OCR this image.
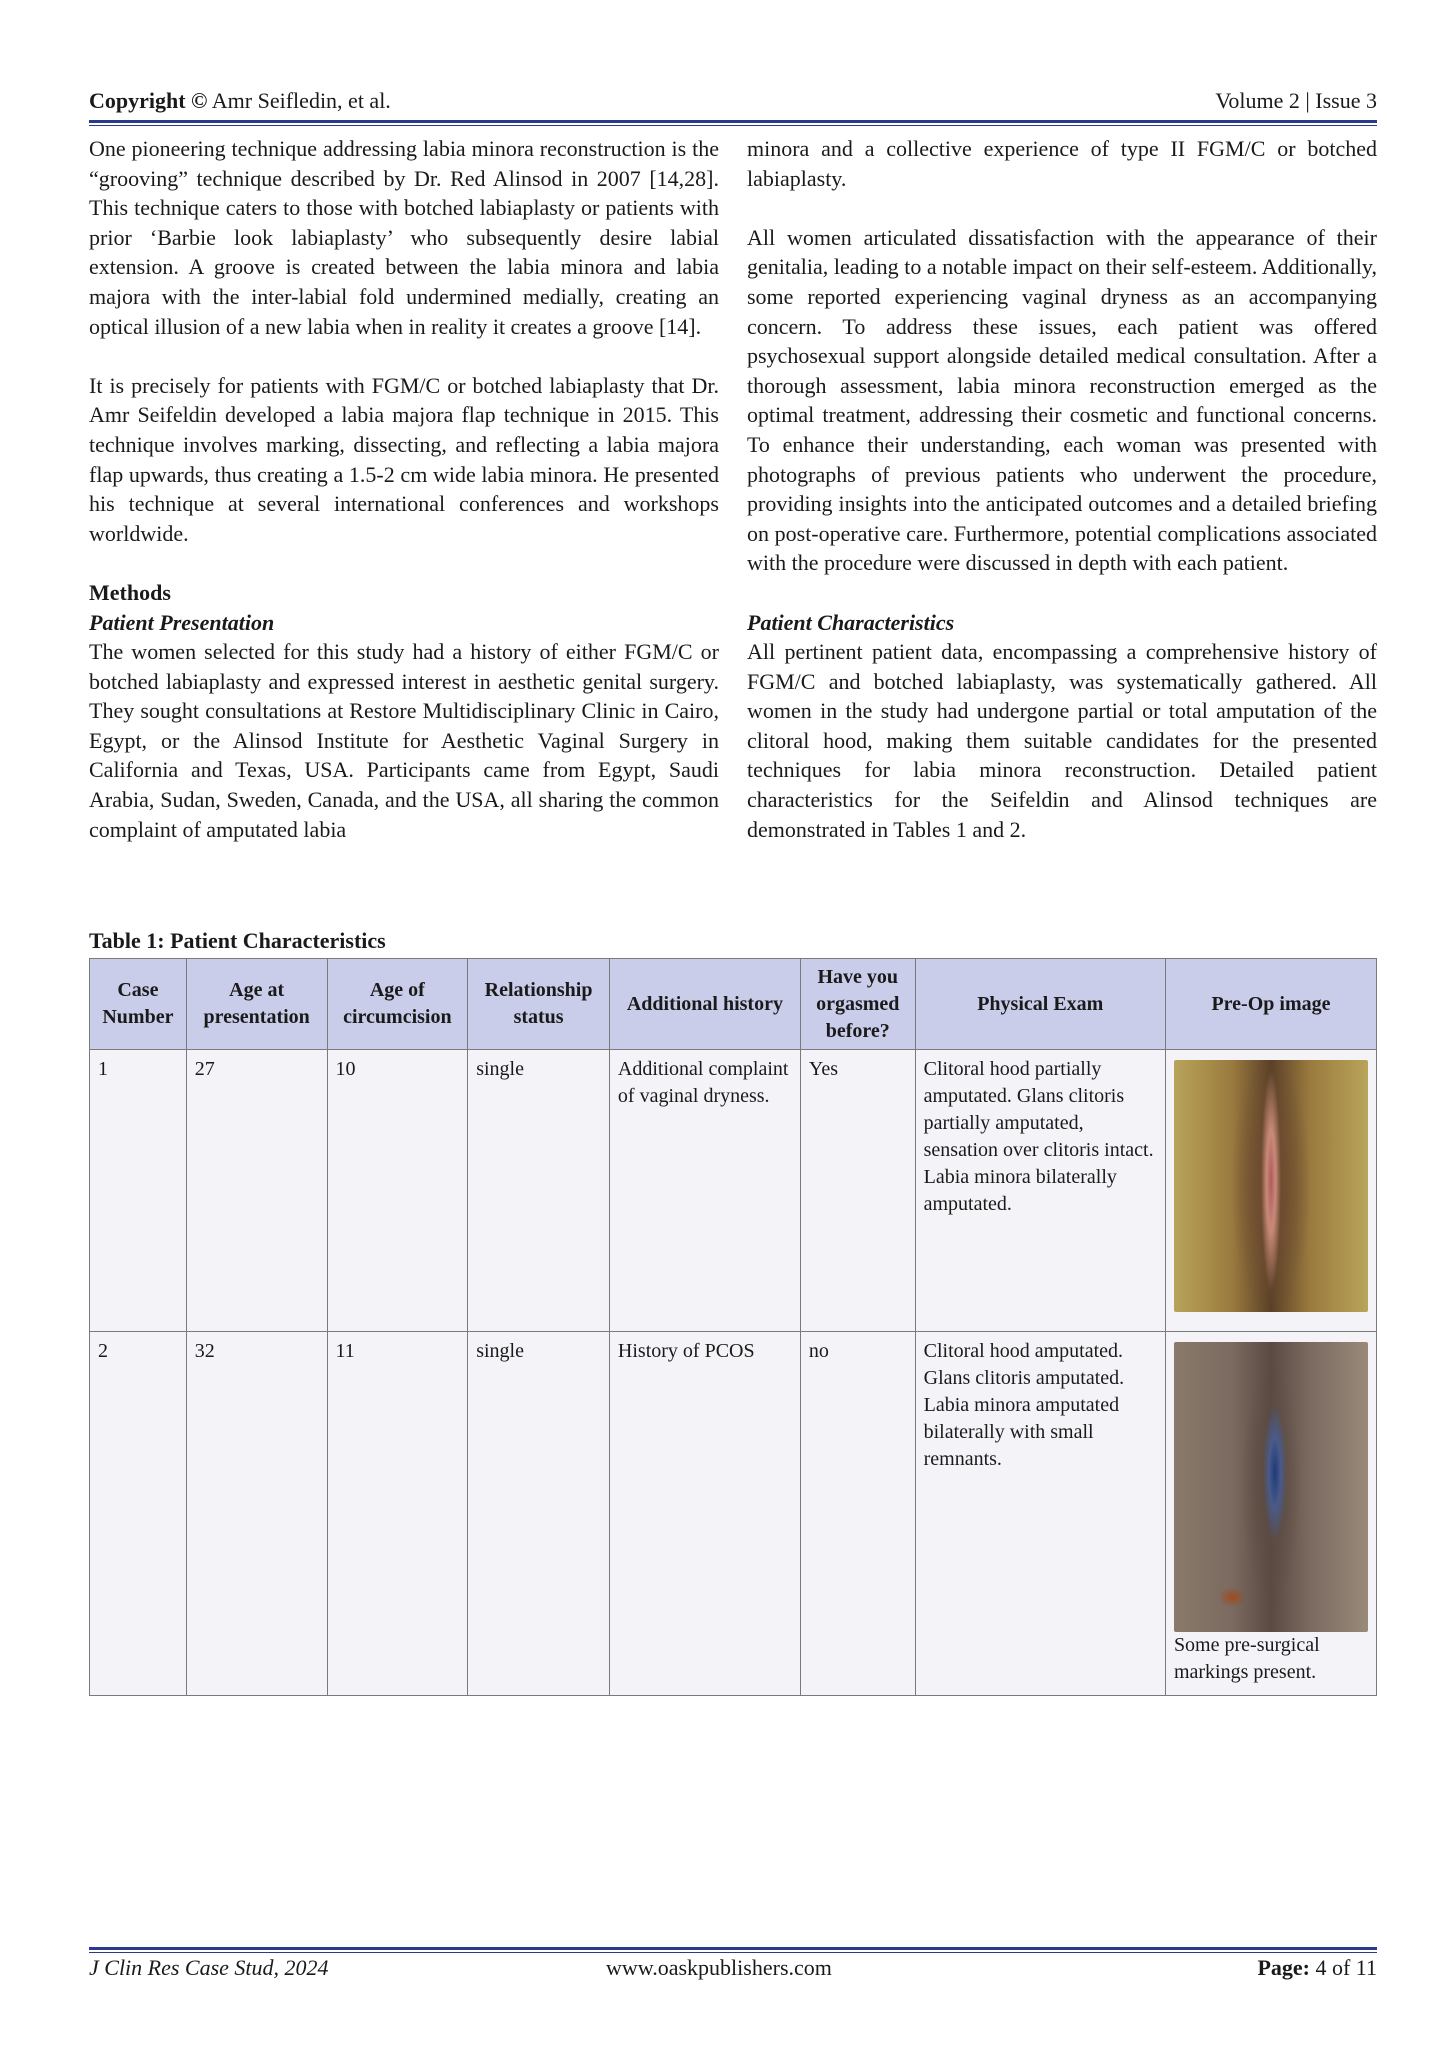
Copyright © Amr Seifledin, et al.	Volume 2 | Issue 3

One pioneering technique addressing labia minora reconstruction is the “grooving” technique described by Dr. Red Alinsod in 2007 [14,28]. This technique caters to those with botched labiaplasty or patients with prior ‘Barbie look labiaplasty’ who subsequently desire labial extension. A groove is created between the labia minora and labia majora with the inter-labial fold undermined medially, creating an optical illusion of a new labia when in reality it creates a groove [14].

It is precisely for patients with FGM/C or botched labiaplasty that Dr. Amr Seifeldin developed a labia majora flap technique in 2015. This technique involves marking, dissecting, and reflecting a labia majora flap upwards, thus creating a 1.5-2 cm wide labia minora. He presented his technique at several international conferences and workshops worldwide.

Methods
Patient Presentation

The women selected for this study had a history of either FGM/C or botched labiaplasty and expressed interest in aesthetic genital surgery. They sought consultations at Restore Multidisciplinary Clinic in Cairo, Egypt, or the Alinsod Institute for Aesthetic Vaginal Surgery in California and Texas, USA. Participants came from Egypt, Saudi Arabia, Sudan, Sweden, Canada, and the USA, all sharing the common complaint of amputated labia

minora and a collective experience of type II FGM/C or botched labiaplasty.

All women articulated dissatisfaction with the appearance of their genitalia, leading to a notable impact on their self-esteem. Additionally, some reported experiencing vaginal dryness as an accompanying concern. To address these issues, each patient was offered psychosexual support alongside detailed medical consultation. After a thorough assessment, labia minora reconstruction emerged as the optimal treatment, addressing their cosmetic and functional concerns. To enhance their understanding, each woman was presented with photographs of previous patients who underwent the procedure, providing insights into the anticipated outcomes and a detailed briefing on post-operative care. Furthermore, potential complications associated with the procedure were discussed in depth with each patient.

Patient Characteristics

All pertinent patient data, encompassing a comprehensive history of FGM/C and botched labiaplasty, was systematically gathered. All women in the study had undergone partial or total amputation of the clitoral hood, making them suitable candidates for the presented techniques for labia minora reconstruction. Detailed patient characteristics for the Seifeldin and Alinsod techniques are demonstrated in Tables 1 and 2.

Table 1: Patient Characteristics
Case Number	Age at presentation	Age of circumcision	Relationship status	Additional history	Have you orgasmed before?	Physical Exam	Pre-Op image
1	27	10	single	Additional complaint of vaginal dryness.	Yes	Clitoral hood partially amputated. Glans clitoris partially amputated, sensation over clitoris intact. Labia minora bilaterally amputated.	

2	32	11	single	History of PCOS	no	Clitoral hood amputated. Glans clitoris amputated. Labia minora amputated bilaterally with small remnants.	Some pre-surgical markings present.
J Clin Res Case Stud, 2024	www.oaskpublishers.com	Page: 4 of 11
